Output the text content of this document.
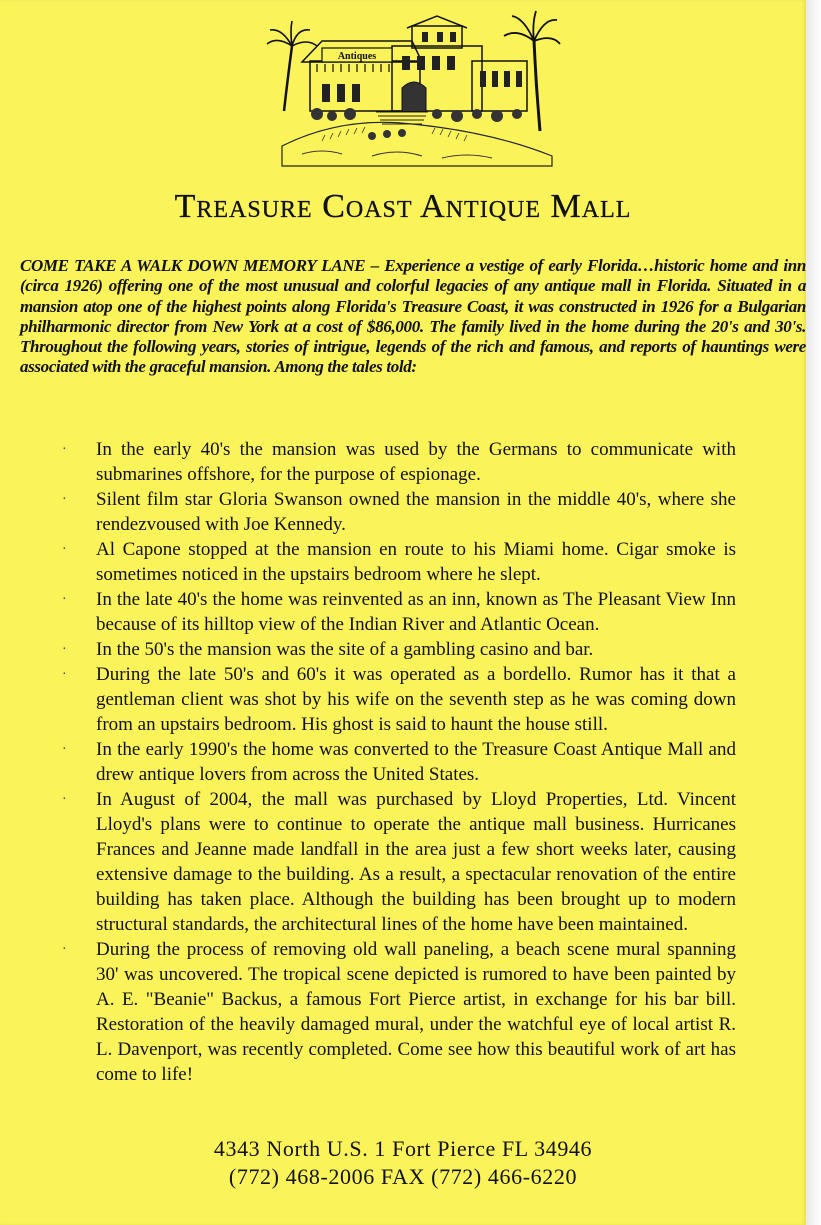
Antiques
Treasure Coast Antique Mall
COME TAKE A WALK DOWN MEMORY LANE – Experience a vestige of early Florida…historic home and inn (circa 1926) offering one of the most unusual and colorful legacies of any antique mall in Florida. Situated in a mansion atop one of the highest points along Florida's Treasure Coast, it was constructed in 1926 for a Bulgarian philharmonic director from New York at a cost of $86,000. The family lived in the home during the 20's and 30's. Throughout the following years, stories of intrigue, legends of the rich and famous, and reports of hauntings were associated with the graceful mansion. Among the tales told:
· In the early 40's the mansion was used by the Germans to communicate with submarines offshore, for the purpose of espionage.
· Silent film star Gloria Swanson owned the mansion in the middle 40's, where she rendezvoused with Joe Kennedy.
· Al Capone stopped at the mansion en route to his Miami home. Cigar smoke is sometimes noticed in the upstairs bedroom where he slept.
· In the late 40's the home was reinvented as an inn, known as The Pleasant View Inn because of its hilltop view of the Indian River and Atlantic Ocean.
· In the 50's the mansion was the site of a gambling casino and bar.
· During the late 50's and 60's it was operated as a bordello. Rumor has it that a gentleman client was shot by his wife on the seventh step as he was coming down from an upstairs bedroom. His ghost is said to haunt the house still.
· In the early 1990's the home was converted to the Treasure Coast Antique Mall and drew antique lovers from across the United States.
· In August of 2004, the mall was purchased by Lloyd Properties, Ltd. Vincent Lloyd's plans were to continue to operate the antique mall business. Hurricanes Frances and Jeanne made landfall in the area just a few short weeks later, causing extensive damage to the building. As a result, a spectacular renovation of the entire building has taken place. Although the building has been brought up to modern structural standards, the architectural lines of the home have been maintained.
· During the process of removing old wall paneling, a beach scene mural spanning 30' was uncovered. The tropical scene depicted is rumored to have been painted by A. E. "Beanie" Backus, a famous Fort Pierce artist, in exchange for his bar bill. Restoration of the heavily damaged mural, under the watchful eye of local artist R. L. Davenport, was recently completed. Come see how this beautiful work of art has come to life!
4343 North U.S. 1 Fort Pierce FL 34946
(772) 468-2006 FAX (772) 466-6220
